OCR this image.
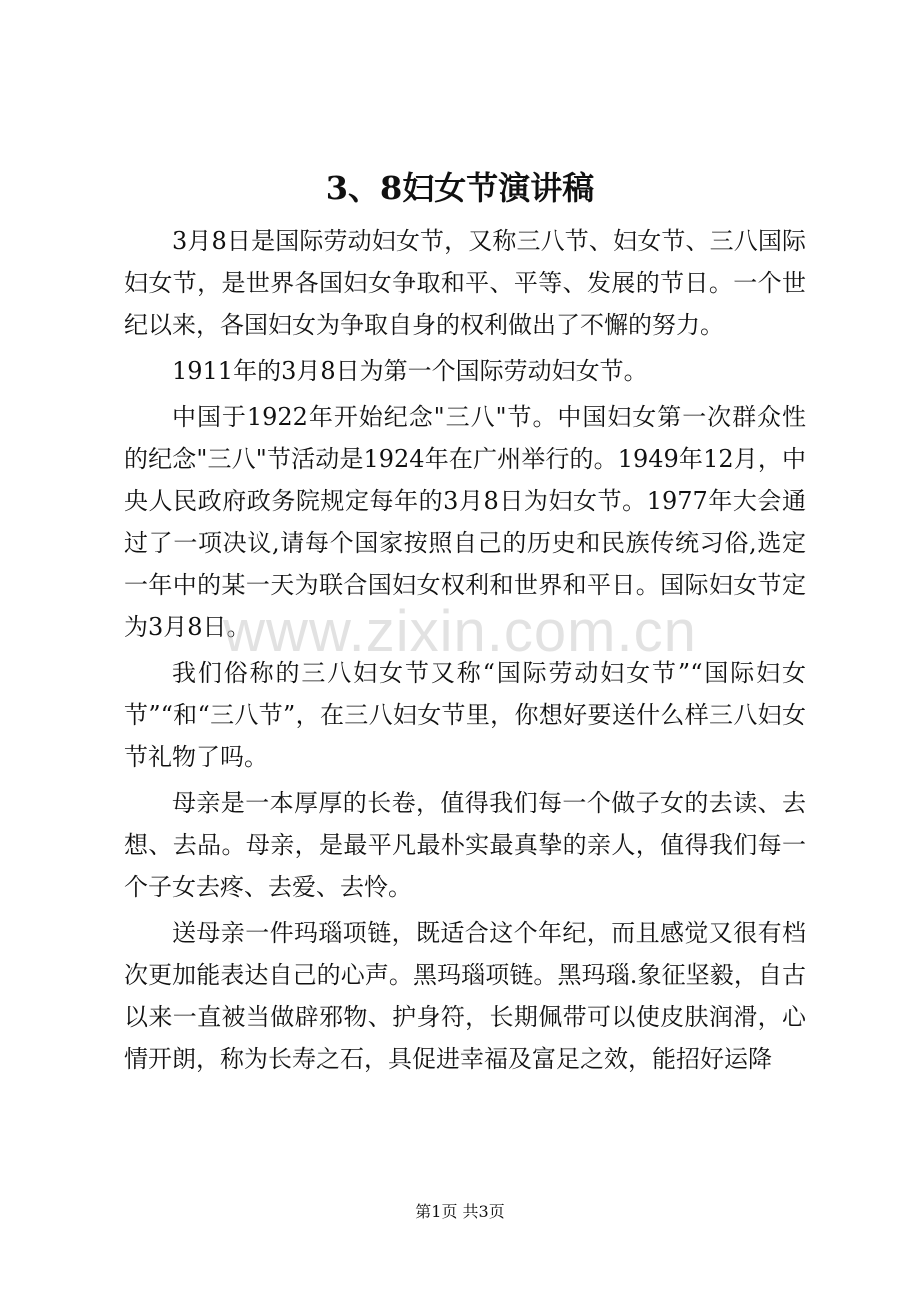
3、8妇女节演讲稿

3月8日是国际劳动妇女节，又称三八节、妇女节、三八国际妇女节，是世界各国妇女争取和平、平等、发展的节日。一个世纪以来，各国妇女为争取自身的权利做出了不懈的努力。

1911年的3月8日为第一个国际劳动妇女节。

中国于1922年开始纪念"三八"节。中国妇女第一次群众性的纪念"三八"节活动是1924年在广州举行的。1949年12月，中央人民政府政务院规定每年的3月8日为妇女节。1977年大会通过了一项决议,请每个国家按照自己的历史和民族传统习俗,选定一年中的某一天为联合国妇女权利和世界和平日。国际妇女节定为3月8日。

我们俗称的三八妇女节又称“国际劳动妇女节”“国际妇女节”“和“三八节”，在三八妇女节里，你想好要送什么样三八妇女节礼物了吗。

母亲是一本厚厚的长卷，值得我们每一个做子女的去读、去想、去品。母亲，是最平凡最朴实最真挚的亲人，值得我们每一个子女去疼、去爱、去怜。

送母亲一件玛瑙项链，既适合这个年纪，而且感觉又很有档次更加能表达自己的心声。黑玛瑙项链。黑玛瑙.象征坚毅，自古以来一直被当做辟邪物、护身符，长期佩带可以使皮肤润滑，心情开朗，称为长寿之石，具促进幸福及富足之效，能招好运降

www.zixin.com.cn
第1页 共3页
